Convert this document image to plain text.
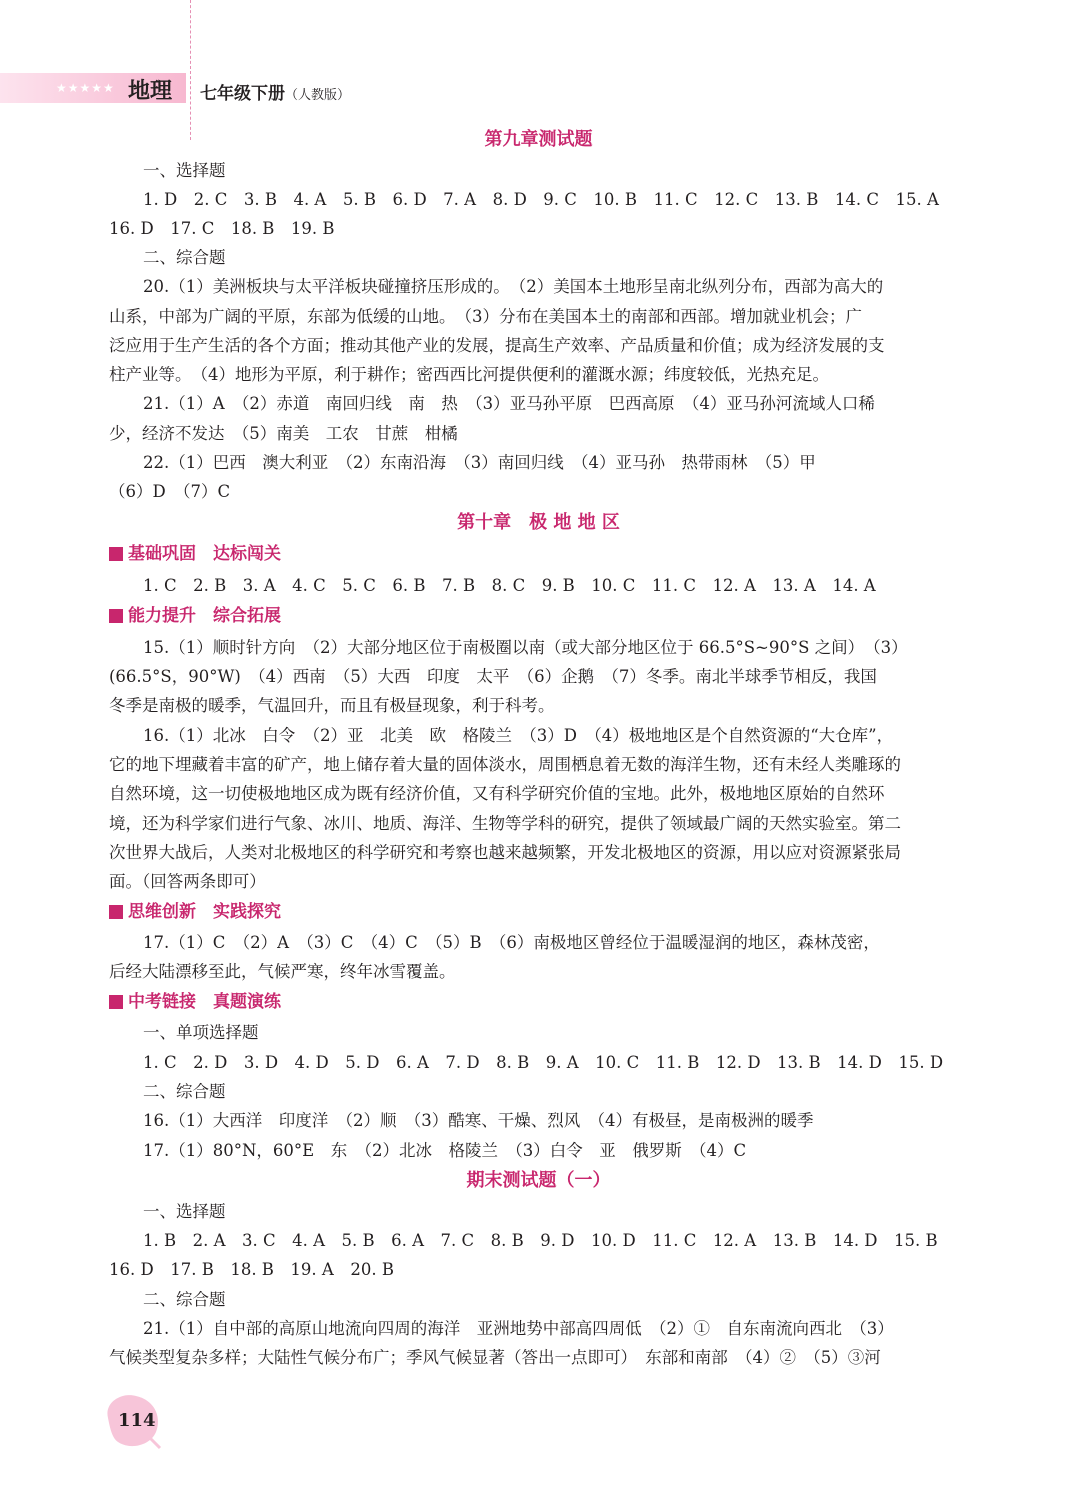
★★★★★ 地理 七年级下册（人教版）
第九章测试题
一、选择题
1. D　2. C　3. B　4. A　5. B　6. D　7. A　8. D　9. C　10. B　11. C　12. C　13. B　14. C　15. A
16. D　17. C　18. B　19. B
二、综合题
20.（1）美洲板块与太平洋板块碰撞挤压形成的。　（2）美国本土地形呈南北纵列分布，西部为高大的
山系，中部为广阔的平原，东部为低缓的山地。　（3）分布在美国本土的南部和西部。增加就业机会；广
泛应用于生产生活的各个方面；推动其他产业的发展，提高生产效率、产品质量和价值；成为经济发展的支
柱产业等。　（4）地形为平原，利于耕作；密西西比河提供便利的灌溉水源；纬度较低，光热充足。
21.（1）A　（2）赤道　南回归线　南　热　（3）亚马孙平原　巴西高原　（4）亚马孙河流域人口稀
少，经济不发达　（5）南美　工农　甘蔗　柑橘
22.（1）巴西　澳大利亚　（2）东南沿海　（3）南回归线　（4）亚马孙　热带雨林　（5）甲
（6）D　（7）C
第十章　极 地 地 区
基础巩固　达标闯关
1. C　2. B　3. A　4. C　5. C　6. B　7. B　8. C　9. B　10. C　11. C　12. A　13. A　14. A
能力提升　综合拓展
15.（1）顺时针方向　（2）大部分地区位于南极圈以南（或大部分地区位于 66.5°S~90°S 之间）　（3）
(66.5°S，90°W)　（4）西南　（5）大西　印度　太平　（6）企鹅　（7）冬季。南北半球季节相反，我国
冬季是南极的暖季，气温回升，而且有极昼现象，利于科考。
16.（1）北冰　白令　（2）亚　北美　欧　格陵兰　（3）D　（4）极地地区是个自然资源的“大仓库”，
它的地下埋藏着丰富的矿产，地上储存着大量的固体淡水，周围栖息着无数的海洋生物，还有未经人类雕琢的
自然环境，这一切使极地地区成为既有经济价值，又有科学研究价值的宝地。此外，极地地区原始的自然环
境，还为科学家们进行气象、冰川、地质、海洋、生物等学科的研究，提供了领域最广阔的天然实验室。第二
次世界大战后，人类对北极地区的科学研究和考察也越来越频繁，开发北极地区的资源，用以应对资源紧张局
面。（回答两条即可）
思维创新　实践探究
17.（1）C　（2）A　（3）C　（4）C　（5）B　（6）南极地区曾经位于温暖湿润的地区，森林茂密，
后经大陆漂移至此，气候严寒，终年冰雪覆盖。
中考链接　真题演练
一、单项选择题
1. C　2. D　3. D　4. D　5. D　6. A　7. D　8. B　9. A　10. C　11. B　12. D　13. B　14. D　15. D
二、综合题
16.（1）大西洋　印度洋　（2）顺　（3）酷寒、干燥、烈风　（4）有极昼，是南极洲的暖季
17.（1）80°N，60°E　东　（2）北冰　格陵兰　（3）白令　亚　俄罗斯　（4）C
期末测试题（一）
一、选择题
1. B　2. A　3. C　4. A　5. B　6. A　7. C　8. B　9. D　10. D　11. C　12. A　13. B　14. D　15. B
16. D　17. B　18. B　19. A　20. B
二、综合题
21.（1）自中部的高原山地流向四周的海洋　亚洲地势中部高四周低　（2）①　自东南流向西北　（3）
气候类型复杂多样；大陆性气候分布广；季风气候显著（答出一点即可）　东部和南部　（4）②　（5）③河
114
